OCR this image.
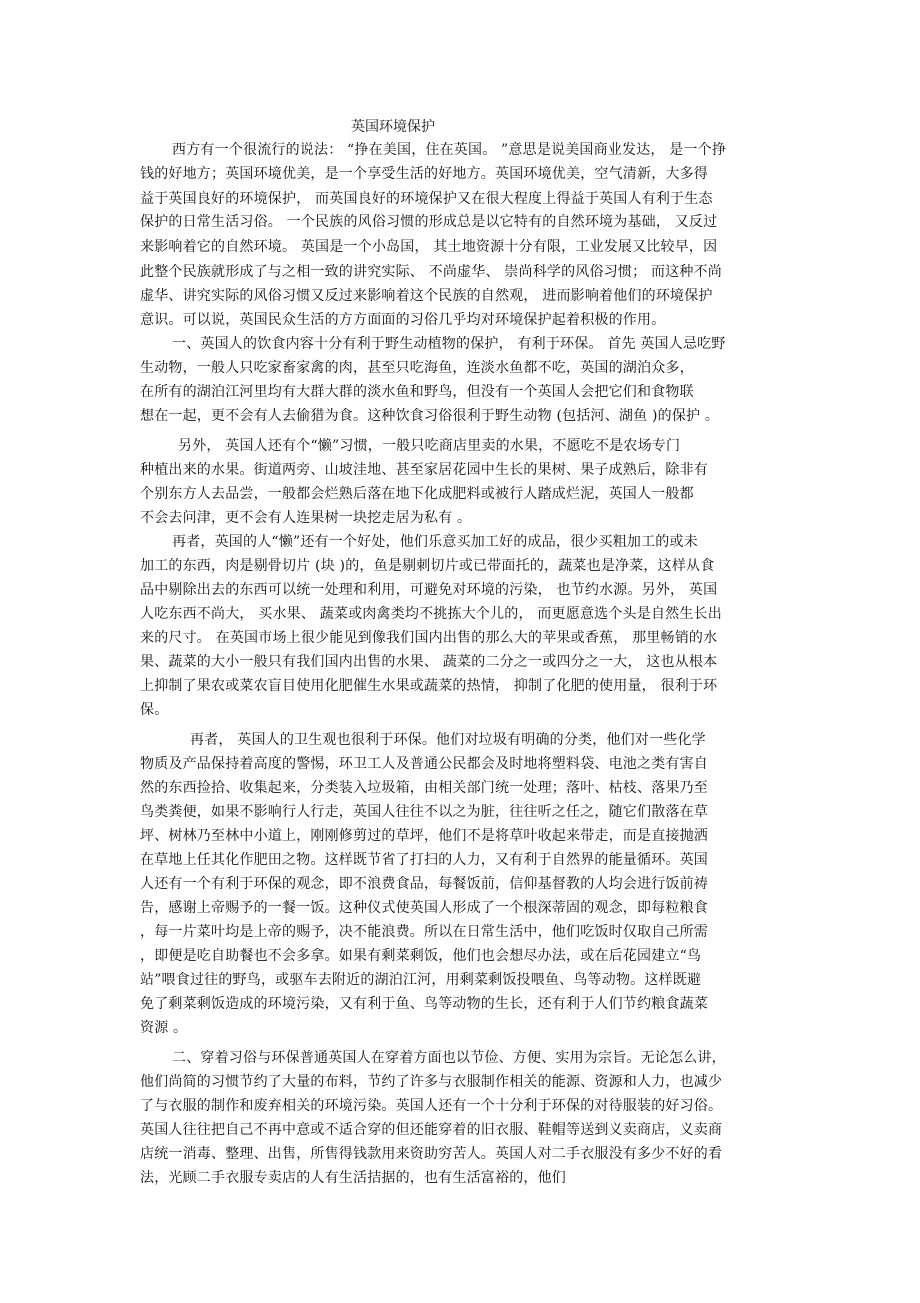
英国环境保护
西方有一个很流行的说法： “挣在美国，住在英国。 ”意思是说美国商业发达， 是一个挣
钱的好地方；英国环境优美，是一个享受生活的好地方。英国环境优美，空气清新，大多得
益于英国良好的环境保护， 而英国良好的环境保护又在很大程度上得益于英国人有利于生态
保护的日常生活习俗。 一个民族的风俗习惯的形成总是以它特有的自然环境为基础， 又反过
来影响着它的自然环境。 英国是一个小岛国， 其土地资源十分有限，工业发展又比较早，因
此整个民族就形成了与之相一致的讲究实际、 不尚虚华、 崇尚科学的风俗习惯； 而这种不尚
虚华、讲究实际的风俗习惯又反过来影响着这个民族的自然观， 进而影响着他们的环境保护
意识。可以说，英国民众生活的方方面面的习俗几乎均对环境保护起着积极的作用。
一、英国人的饮食内容十分有利于野生动植物的保护， 有利于环保。 首先 英国人忌吃野
生动物，一般人只吃家畜家禽的肉，甚至只吃海鱼，连淡水鱼都不吃，英国的湖泊众多，
在所有的湖泊江河里均有大群大群的淡水鱼和野鸟，但没有一个英国人会把它们和食物联
想在一起，更不会有人去偷猎为食。这种饮食习俗很利于野生动物 (包括河、湖鱼 )的保护 。
另外， 英国人还有个“懒”习惯，一般只吃商店里卖的水果，不愿吃不是农场专门
种植出来的水果。街道两旁、山坡洼地、甚至家居花园中生长的果树、果子成熟后，除非有
个别东方人去品尝，一般都会烂熟后落在地下化成肥料或被行人踏成烂泥，英国人一般都
不会去问津，更不会有人连果树一块挖走居为私有 。
再者，英国的人“懒”还有一个好处，他们乐意买加工好的成品，很少买粗加工的或未
加工的东西，肉是剔骨切片 (块 )的，鱼是剔刺切片或已带面托的，蔬菜也是净菜，这样从食
品中剔除出去的东西可以统一处理和利用，可避免对环境的污染， 也节约水源。另外， 英国
人吃东西不尚大， 买水果、 蔬菜或肉禽类均不挑拣大个儿的， 而更愿意选个头是自然生长出
来的尺寸。 在英国市场上很少能见到像我们国内出售的那么大的苹果或香蕉， 那里畅销的水
果、蔬菜的大小一般只有我们国内出售的水果、 蔬菜的二分之一或四分之一大， 这也从根本
上抑制了果农或菜农盲目使用化肥催生水果或蔬菜的热情， 抑制了化肥的使用量， 很利于环
保。
再者， 英国人的卫生观也很利于环保。他们对垃圾有明确的分类，他们对一些化学
物质及产品保持着高度的警惕，环卫工人及普通公民都会及时地将塑料袋、电池之类有害自
然的东西捡拾、收集起来，分类装入垃圾箱，由相关部门统一处理；落叶、枯枝、落果乃至
鸟类粪便，如果不影响行人行走，英国人往往不以之为脏，往往听之任之，随它们散落在草
坪、树林乃至林中小道上，刚刚修剪过的草坪，他们不是将草叶收起来带走，而是直接抛洒
在草地上任其化作肥田之物。这样既节省了打扫的人力，又有利于自然界的能量循环。英国
人还有一个有利于环保的观念，即不浪费食品，每餐饭前，信仰基督教的人均会进行饭前祷
告，感谢上帝赐予的一餐一饭。这种仪式使英国人形成了一个根深蒂固的观念，即每粒粮食
，每一片菜叶均是上帝的赐予，决不能浪费。所以在日常生活中，他们吃饭时仅取自己所需
，即便是吃自助餐也不会多拿。如果有剩菜剩饭，他们也会想尽办法，或在后花园建立“鸟
站”喂食过往的野鸟，或驱车去附近的湖泊江河，用剩菜剩饭投喂鱼、鸟等动物。这样既避
免了剩菜剩饭造成的环境污染，又有利于鱼、鸟等动物的生长，还有利于人们节约粮食蔬菜
资源 。
二、穿着习俗与环保普通英国人在穿着方面也以节俭、方便、实用为宗旨。无论怎么讲，
他们尚简的习惯节约了大量的布料，节约了许多与衣服制作相关的能源、资源和人力，也减少
了与衣服的制作和废弃相关的环境污染。英国人还有一个十分利于环保的对待服装的好习俗。
英国人往往把自己不再中意或不适合穿的但还能穿着的旧衣服、鞋帽等送到义卖商店，义卖商
店统一消毒、整理、出售，所售得钱款用来资助穷苦人。英国人对二手衣服没有多少不好的看
法，光顾二手衣服专卖店的人有生活拮据的，也有生活富裕的，他们
